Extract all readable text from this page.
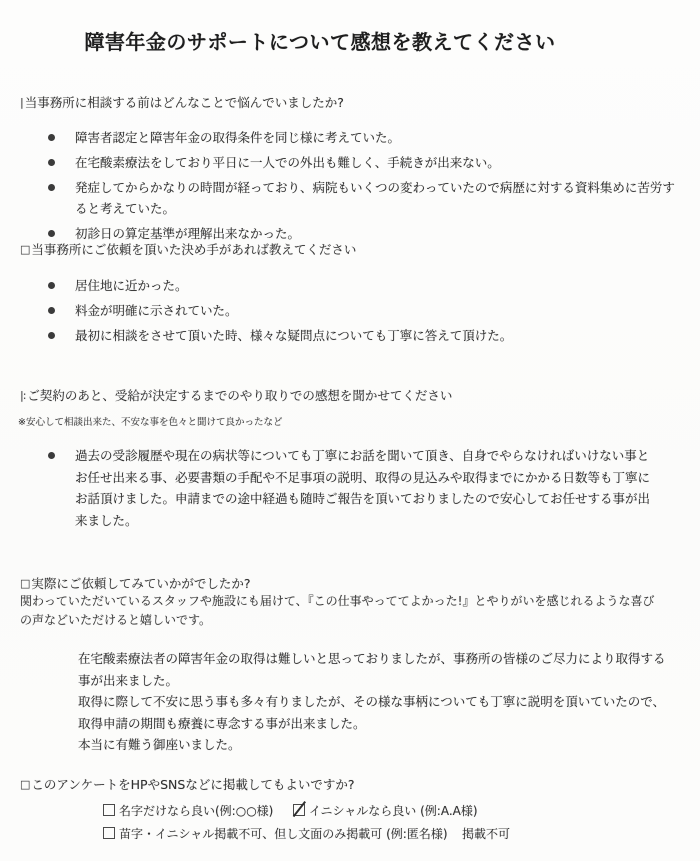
障害年金のサポートについて感想を教えてください
| 当事務所に相談する前はどんなことで悩んでいましたか?
障害者認定と障害年金の取得条件を同じ様に考えていた。
在宅酸素療法をしており平日に一人での外出も難しく、手続きが出来ない。
発症してからかなりの時間が経っており、病院もいくつの変わっていたので病歴に対する資料集めに苦労すると考えていた。
初診日の算定基準が理解出来なかった。
□ 当事務所にご依頼を頂いた決め手があれば教えてください
居住地に近かった。
料金が明確に示されていた。
最初に相談をさせて頂いた時、様々な疑問点についても丁寧に答えて頂けた。
|: ご契約のあと、受給が決定するまでのやり取りでの感想を聞かせてください
※安心して相談出来た、不安な事を色々と聞けて良かったなど
過去の受診履歴や現在の病状等についても丁寧にお話を聞いて頂き、自身でやらなければいけない事とお任せ出来る事、必要書類の手配や不足事項の説明、取得の見込みや取得までにかかる日数等も丁寧にお話頂けました。申請までの途中経過も随時ご報告を頂いておりましたので安心してお任せする事が出来ました。
□ 実際にご依頼してみていかがでしたか?
関わっていただいているスタッフや施設にも届けて、『この仕事やっててよかった!』とやりがいを感じれるような喜び
の声などいただけると嬉しいです。

在宅酸素療法者の障害年金の取得は難しいと思っておりましたが、事務所の皆様のご尽力により取得する事が出来ました。

取得に際して不安に思う事も多々有りましたが、その様な事柄についても丁寧に説明を頂いていたので、取得申請の期間も療養に専念する事が出来ました。

本当に有難う御座いました。

□ このアンケートをHPやSNSなどに掲載してもよいですか?
名字だけなら良い(例:○○様)	イニシャルなら良い (例:A.A様)
苗字・イニシャル掲載不可、但し文面のみ掲載可 (例:匿名様) 掲載不可
